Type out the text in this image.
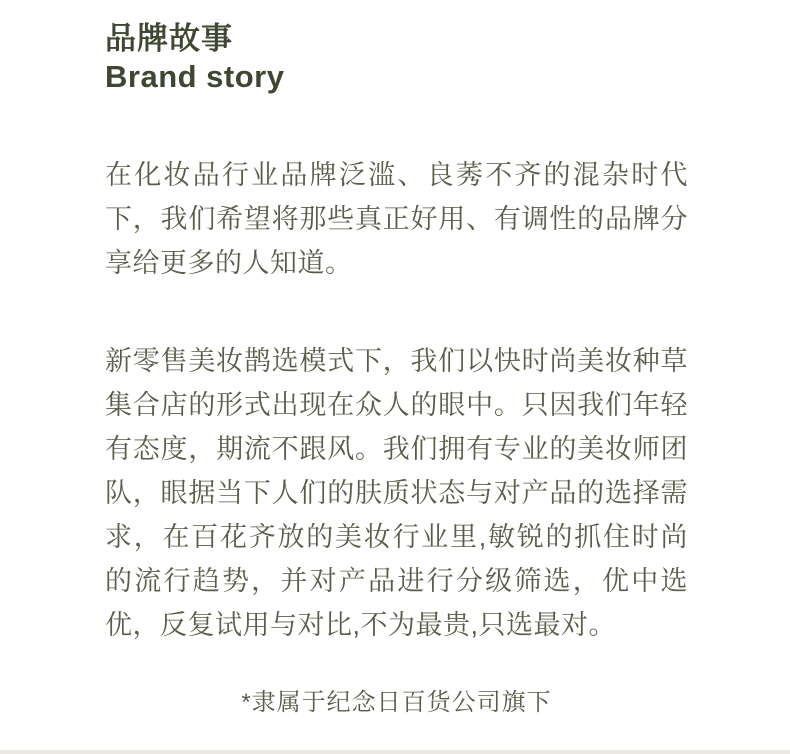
品牌故事
Brand story

在化妆品行业品牌泛滥、良莠不齐的混杂时代下，我们希望将那些真正好用、有调性的品牌分享给更多的人知道。

新零售美妆鹊选模式下，我们以快时尚美妆种草集合店的形式出现在众人的眼中。只因我们年轻有态度，期流不跟风。我们拥有专业的美妆师团队，眼据当下人们的肤质状态与对产品的选择需求，在百花齐放的美妆行业里,敏锐的抓住时尚的流行趋势，并对产品进行分级筛选，优中选优，反复试用与对比,不为最贵,只选最对。

*隶属于纪念日百货公司旗下
